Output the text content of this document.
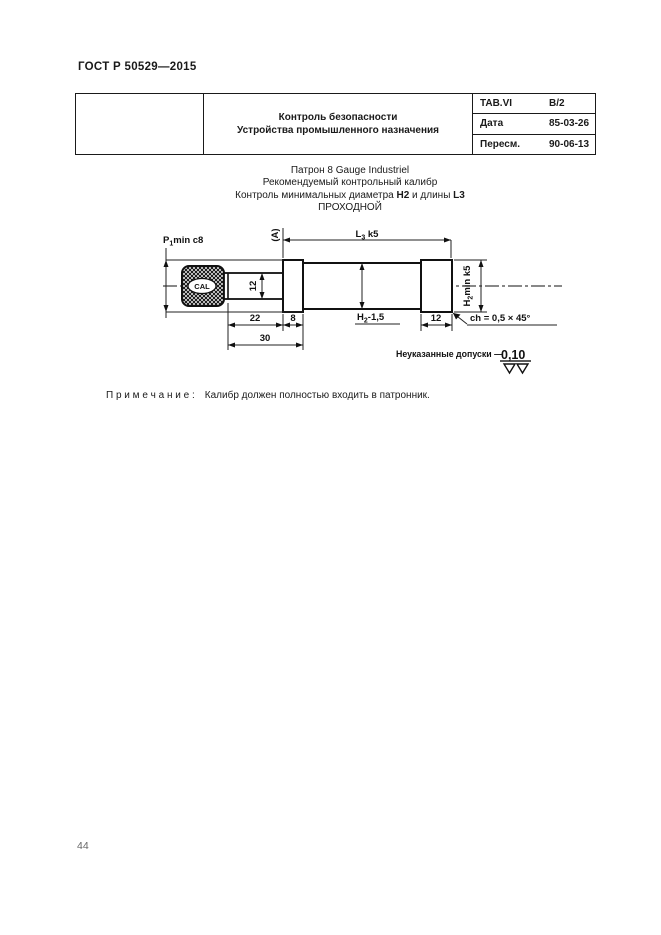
ГОСТ Р 50529—2015
Контроль безопасности
Устройства промышленного назначения
TAB.VI	B/2
Дата	85-03-26
Пересм.	90-06-13
Патрон 8 Gauge Industriel
Рекомендуемый контрольный калибр
Контроль минимальных диаметра H2 и длины L3
ПРОХОДНОЙ
CAL
$P_1\min$ c8	(A)	$L_3$ k5
12
22	8
30
$H_2-1,5$	12
$H_2\min$ k5
ch = 0,5 × 45°
Неуказанные допуски —
0,10
П р и м е ч а н и е : Калибр должен полностью входить в патронник.
44
